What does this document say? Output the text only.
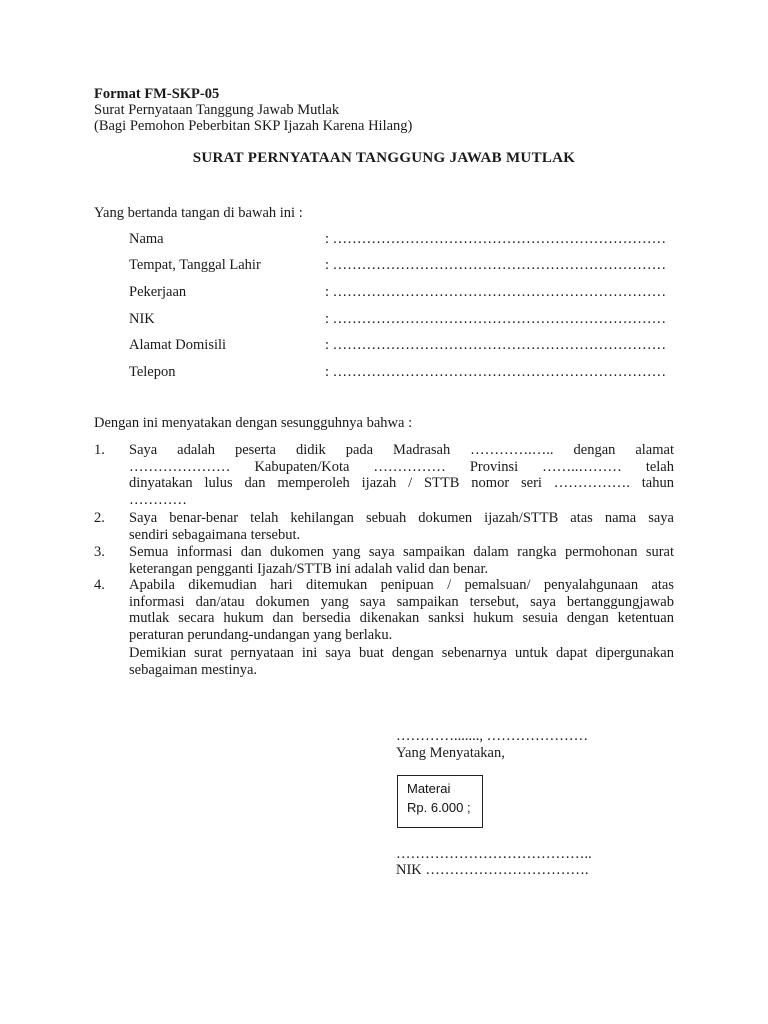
Format FM-SKP-05
Surat Pernyataan Tanggung Jawab Mutlak
(Bagi Pemohon Peberbitan SKP Ijazah Karena Hilang)
SURAT PERNYATAAN TANGGUNG JAWAB MUTLAK
Yang bertanda tangan di bawah ini :
Nama	: ……………………………………………………………
Tempat, Tanggal Lahir	: ……………………………………………………………
Pekerjaan	: ……………………………………………………………
NIK	: ……………………………………………………………
Alamat Domisili	: ……………………………………………………………
Telepon	: ……………………………………………………………
Dengan ini menyatakan dengan sesungguhnya bahwa :
1. Saya adalah peserta didik pada Madrasah ………….….. dengan alamat
………………… Kabupaten/Kota …………… Provinsi ……..……… telah
dinyatakan lulus dan memperoleh ijazah / STTB nomor seri ……………. tahun
…………
2. Saya benar-benar telah kehilangan sebuah dokumen ijazah/STTB atas nama saya
sendiri sebagaimana tersebut.
3. Semua informasi dan dukomen yang saya sampaikan dalam rangka permohonan surat
keterangan pengganti Ijazah/STTB ini adalah valid dan benar.
4. Apabila dikemudian hari ditemukan penipuan / pemalsuan/ penyalahgunaan atas
informasi dan/atau dokumen yang saya sampaikan tersebut, saya bertanggungjawab
mutlak secara hukum dan bersedia dikenakan sanksi hukum sesuia dengan ketentuan
peraturan perundang-undangan yang berlaku.
Demikian surat pernyataan ini saya buat dengan sebenarnya untuk dapat dipergunakan
sebagaiman mestinya.
…………......., …………………
Yang Menyatakan,
Materai
Rp. 6.000 ;
…………………………………..
NIK …………………………….
